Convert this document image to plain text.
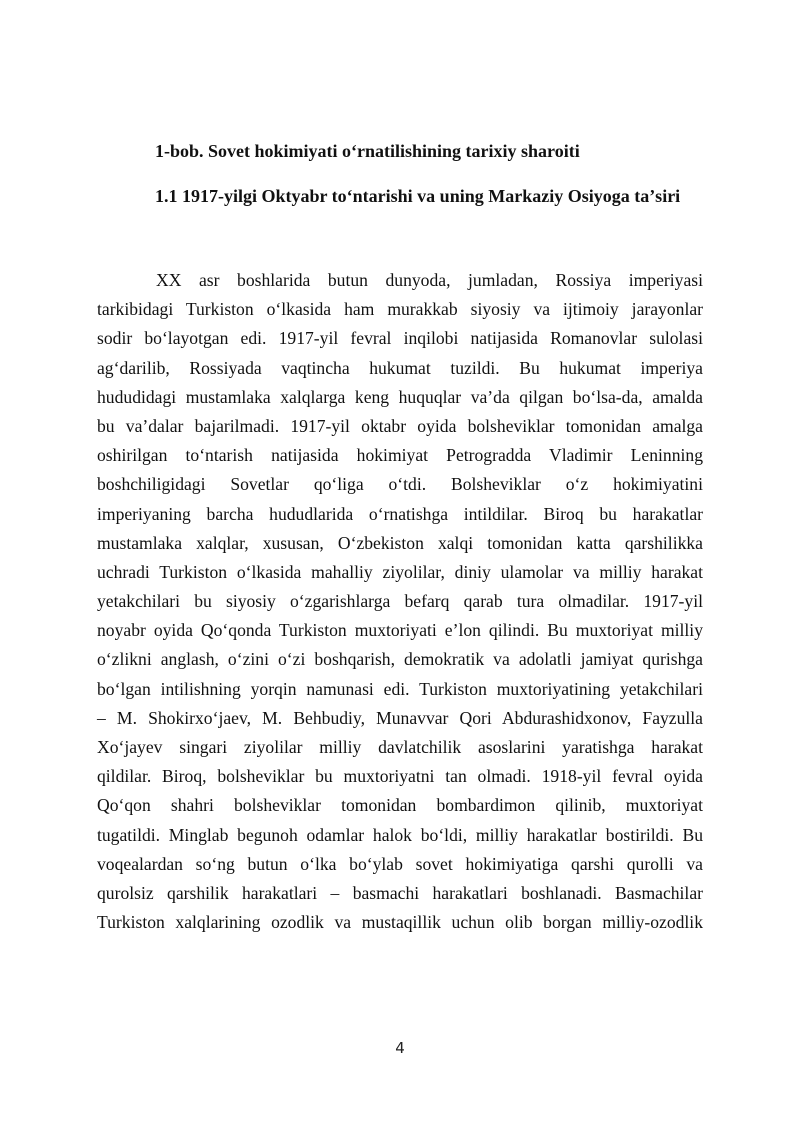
1-bob. Sovet hokimiyati oʻrnatilishining tarixiy sharoiti
1.1 1917-yilgi Oktyabr toʻntarishi va uning Markaziy Osiyoga taʼsiri
XX asr boshlarida butun dunyoda, jumladan, Rossiya imperiyasi
tarkibidagi Turkiston oʻlkasida ham murakkab siyosiy va ijtimoiy jarayonlar
sodir boʻlayotgan edi. 1917-yil fevral inqilobi natijasida Romanovlar sulolasi
agʻdarilib, Rossiyada vaqtincha hukumat tuzildi. Bu hukumat imperiya
hududidagi mustamlaka xalqlarga keng huquqlar vaʼda qilgan boʻlsa-da, amalda
bu vaʼdalar bajarilmadi. 1917-yil oktabr oyida bolsheviklar tomonidan amalga
oshirilgan toʻntarish natijasida hokimiyat Petrogradda Vladimir Leninning
boshchiligidagi Sovetlar qoʻliga oʻtdi. Bolsheviklar oʻz hokimiyatini
imperiyaning barcha hududlarida oʻrnatishga intildilar. Biroq bu harakatlar
mustamlaka xalqlar, xususan, Oʻzbekiston xalqi tomonidan katta qarshilikka
uchradi Turkiston oʻlkasida mahalliy ziyolilar, diniy ulamolar va milliy harakat
yetakchilari bu siyosiy oʻzgarishlarga befarq qarab tura olmadilar. 1917-yil
noyabr oyida Qoʻqonda Turkiston muxtoriyati eʼlon qilindi. Bu muxtoriyat milliy
oʻzlikni anglash, oʻzini oʻzi boshqarish, demokratik va adolatli jamiyat qurishga
boʻlgan intilishning yorqin namunasi edi. Turkiston muxtoriyatining yetakchilari
– M. Shokirxoʻjaev, M. Behbudiy, Munavvar Qori Abdurashidxonov, Fayzulla
Xoʻjayev singari ziyolilar milliy davlatchilik asoslarini yaratishga harakat
qildilar. Biroq, bolsheviklar bu muxtoriyatni tan olmadi. 1918-yil fevral oyida
Qoʻqon shahri bolsheviklar tomonidan bombardimon qilinib, muxtoriyat
tugatildi. Minglab begunoh odamlar halok boʻldi, milliy harakatlar bostirildi. Bu
voqealardan soʻng butun oʻlka boʻylab sovet hokimiyatiga qarshi qurolli va
qurolsiz qarshilik harakatlari – basmachi harakatlari boshlanadi. Basmachilar
Turkiston xalqlarining ozodlik va mustaqillik uchun olib borgan milliy-ozodlik
4
